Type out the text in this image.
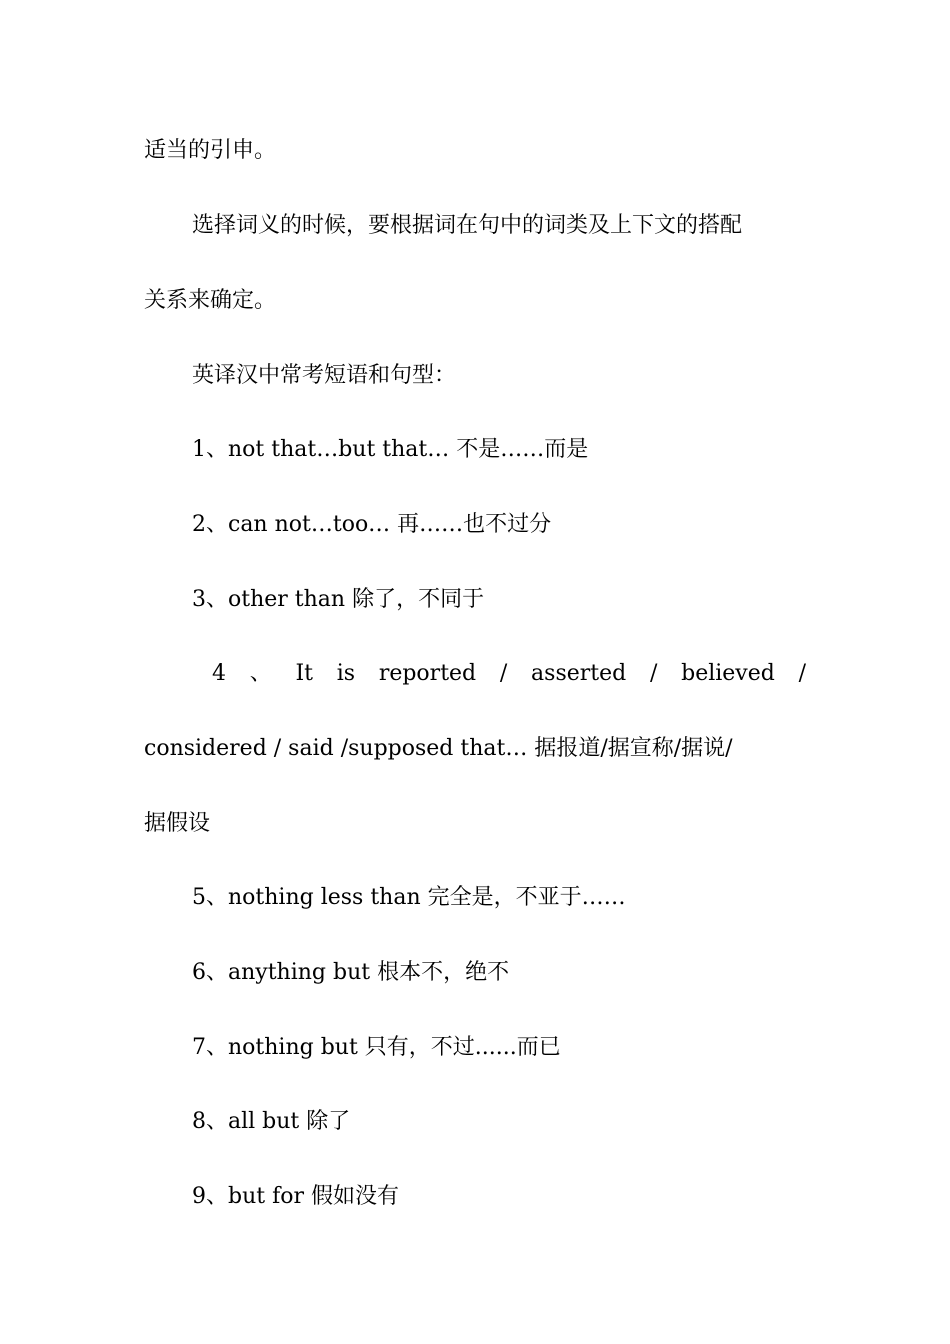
适当的引申。
选择词义的时候，要根据词在句中的词类及上下文的搭配
关系来确定。
英译汉中常考短语和句型：
1、not that…but that… 不是……而是
2、can not…too… 再……也不过分
3、other than 除了，不同于
4 、 It is reported / asserted / believed /
considered / said /supposed that… 据报道/据宣称/据说/
据假设
5、nothing less than 完全是，不亚于……
6、anything but 根本不，绝不
7、nothing but 只有，不过......而已
8、all but 除了
9、but for 假如没有
